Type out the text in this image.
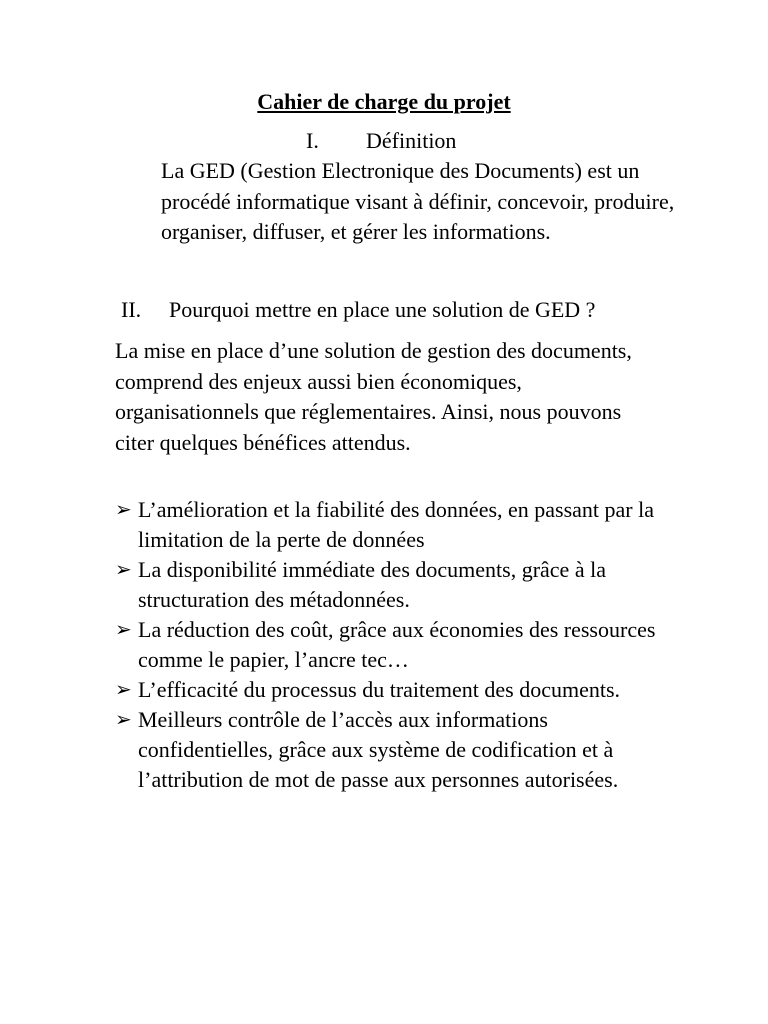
Cahier de charge du projet
I. Définition

La GED (Gestion Electronique des Documents) est un procédé informatique visant à définir, concevoir, produire, organiser, diffuser, et gérer les informations.

II. Pourquoi mettre en place une solution de GED ?

La mise en place d’une solution de gestion des documents, comprend des enjeux aussi bien économiques, organisationnels que réglementaires. Ainsi, nous pouvons citer quelques bénéfices attendus.

➢ L’amélioration et la fiabilité des données, en passant par la limitation de la perte de données
➢ La disponibilité immédiate des documents, grâce à la structuration des métadonnées.
➢ La réduction des coût, grâce aux économies des ressources comme le papier, l’ancre tec…
➢ L’efficacité du processus du traitement des documents.
➢ Meilleurs contrôle de l’accès aux informations confidentielles, grâce aux système de codification et à l’attribution de mot de passe aux personnes autorisées.
